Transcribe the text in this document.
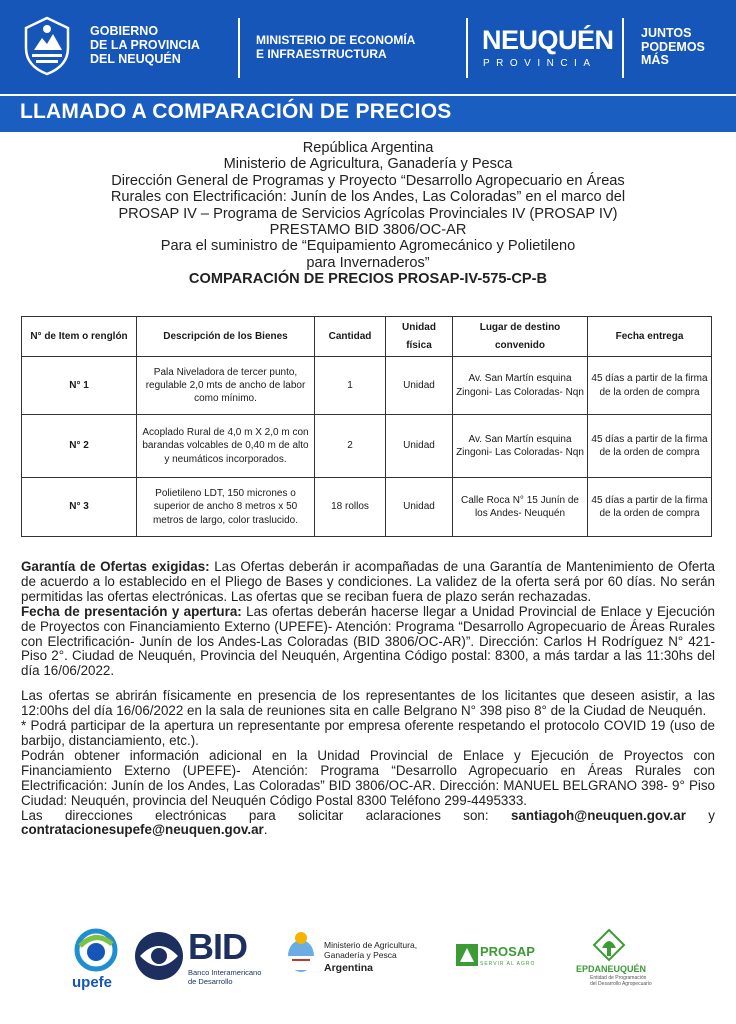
GOBIERNO
DE LA PROVINCIA
DEL NEUQUÉN
MINISTERIO DE ECONOMÍA
E INFRAESTRUCTURA	NEUQUÉN
PROVINCIA
JUNTOS
PODEMOS
MÁS
LLAMADO A COMPARACIÓN DE PRECIOS
República Argentina
Ministerio de Agricultura, Ganadería y Pesca
Dirección General de Programas y Proyecto “Desarrollo Agropecuario en Áreas
Rurales con Electrificación: Junín de los Andes, Las Coloradas” en el marco del
PROSAP IV – Programa de Servicios Agrícolas Provinciales IV (PROSAP IV)
PRESTAMO BID 3806/OC-AR
Para el suministro de “Equipamiento Agromecánico y Polietileno
para Invernaderos”
COMPARACIÓN DE PRECIOS PROSAP-IV-575-CP-B
N° de Item o renglón	Descripción de los Bienes	Cantidad	Unidad física	Lugar de destino convenido	Fecha entrega
N° 1	Pala Niveladora de tercer punto, regulable 2,0 mts de ancho de labor como mínimo.	1	Unidad	Av. San Martín esquina Zingoni- Las Coloradas- Nqn	45 días a partir de la firma de la orden de compra
N° 2	Acoplado Rural de 4,0 m X 2,0 m con barandas volcables de 0,40 m de alto y neumáticos incorporados.	2	Unidad	Av. San Martín esquina Zingoni- Las Coloradas- Nqn	45 días a partir de la firma de la orden de compra
N° 3	Polietileno LDT, 150 micrones o superior de ancho 8 metros x 50 metros de largo, color traslucido.	18 rollos	Unidad	Calle Roca N° 15 Junín de los Andes- Neuquén	45 días a partir de la firma de la orden de compra

Garantía de Ofertas exigidas: Las Ofertas deberán ir acompañadas de una Garantía de Mantenimiento de Oferta de acuerdo a lo establecido en el Pliego de Bases y condiciones. La validez de la oferta será por 60 días. No serán permitidas las ofertas electrónicas. Las ofertas que se reciban fuera de plazo serán rechazadas.

Fecha de presentación y apertura: Las ofertas deberán hacerse llegar a Unidad Provincial de Enlace y Ejecución de Proyectos con Financiamiento Externo (UPEFE)- Atención: Programa “Desarrollo Agropecuario de Áreas Rurales con Electrificación- Junín de los Andes-Las Coloradas (BID 3806/OC-AR)”. Dirección: Carlos H Rodríguez N° 421- Piso 2°. Ciudad de Neuquén, Provincia del Neuquén, Argentina Código postal: 8300, a más tardar a las 11:30hs del día 16/06/2022.

Las ofertas se abrirán físicamente en presencia de los representantes de los licitantes que deseen asistir, a las 12:00hs del día 16/06/2022 en la sala de reuniones sita en calle Belgrano N° 398 piso 8° de la Ciudad de Neuquén.

* Podrá participar de la apertura un representante por empresa oferente respetando el protocolo COVID 19 (uso de barbijo, distanciamiento, etc.).

Podrán obtener información adicional en la Unidad Provincial de Enlace y Ejecución de Proyectos con Financiamiento Externo (UPEFE)- Atención: Programa “Desarrollo Agropecuario en Áreas Rurales con Electrificación: Junín de los Andes, Las Coloradas” BID 3806/OC-AR. Dirección: MANUEL BELGRANO 398- 9° Piso Ciudad: Neuquén, provincia del Neuquén Código Postal 8300 Teléfono 299-4495333.

Las direcciones electrónicas para solicitar aclaraciones son: santiagoh@neuquen.gov.ar y contratacionesupefe@neuquen.gov.ar.

upefe
BID
Banco Interamericano
de Desarrollo
Ministerio de Agricultura,
Ganadería y Pesca
Argentina
PROSAP
SERVIR AL AGRO	EPDANEUQUÉN
Entidad de Programación
del Desarrollo Agropecuario
